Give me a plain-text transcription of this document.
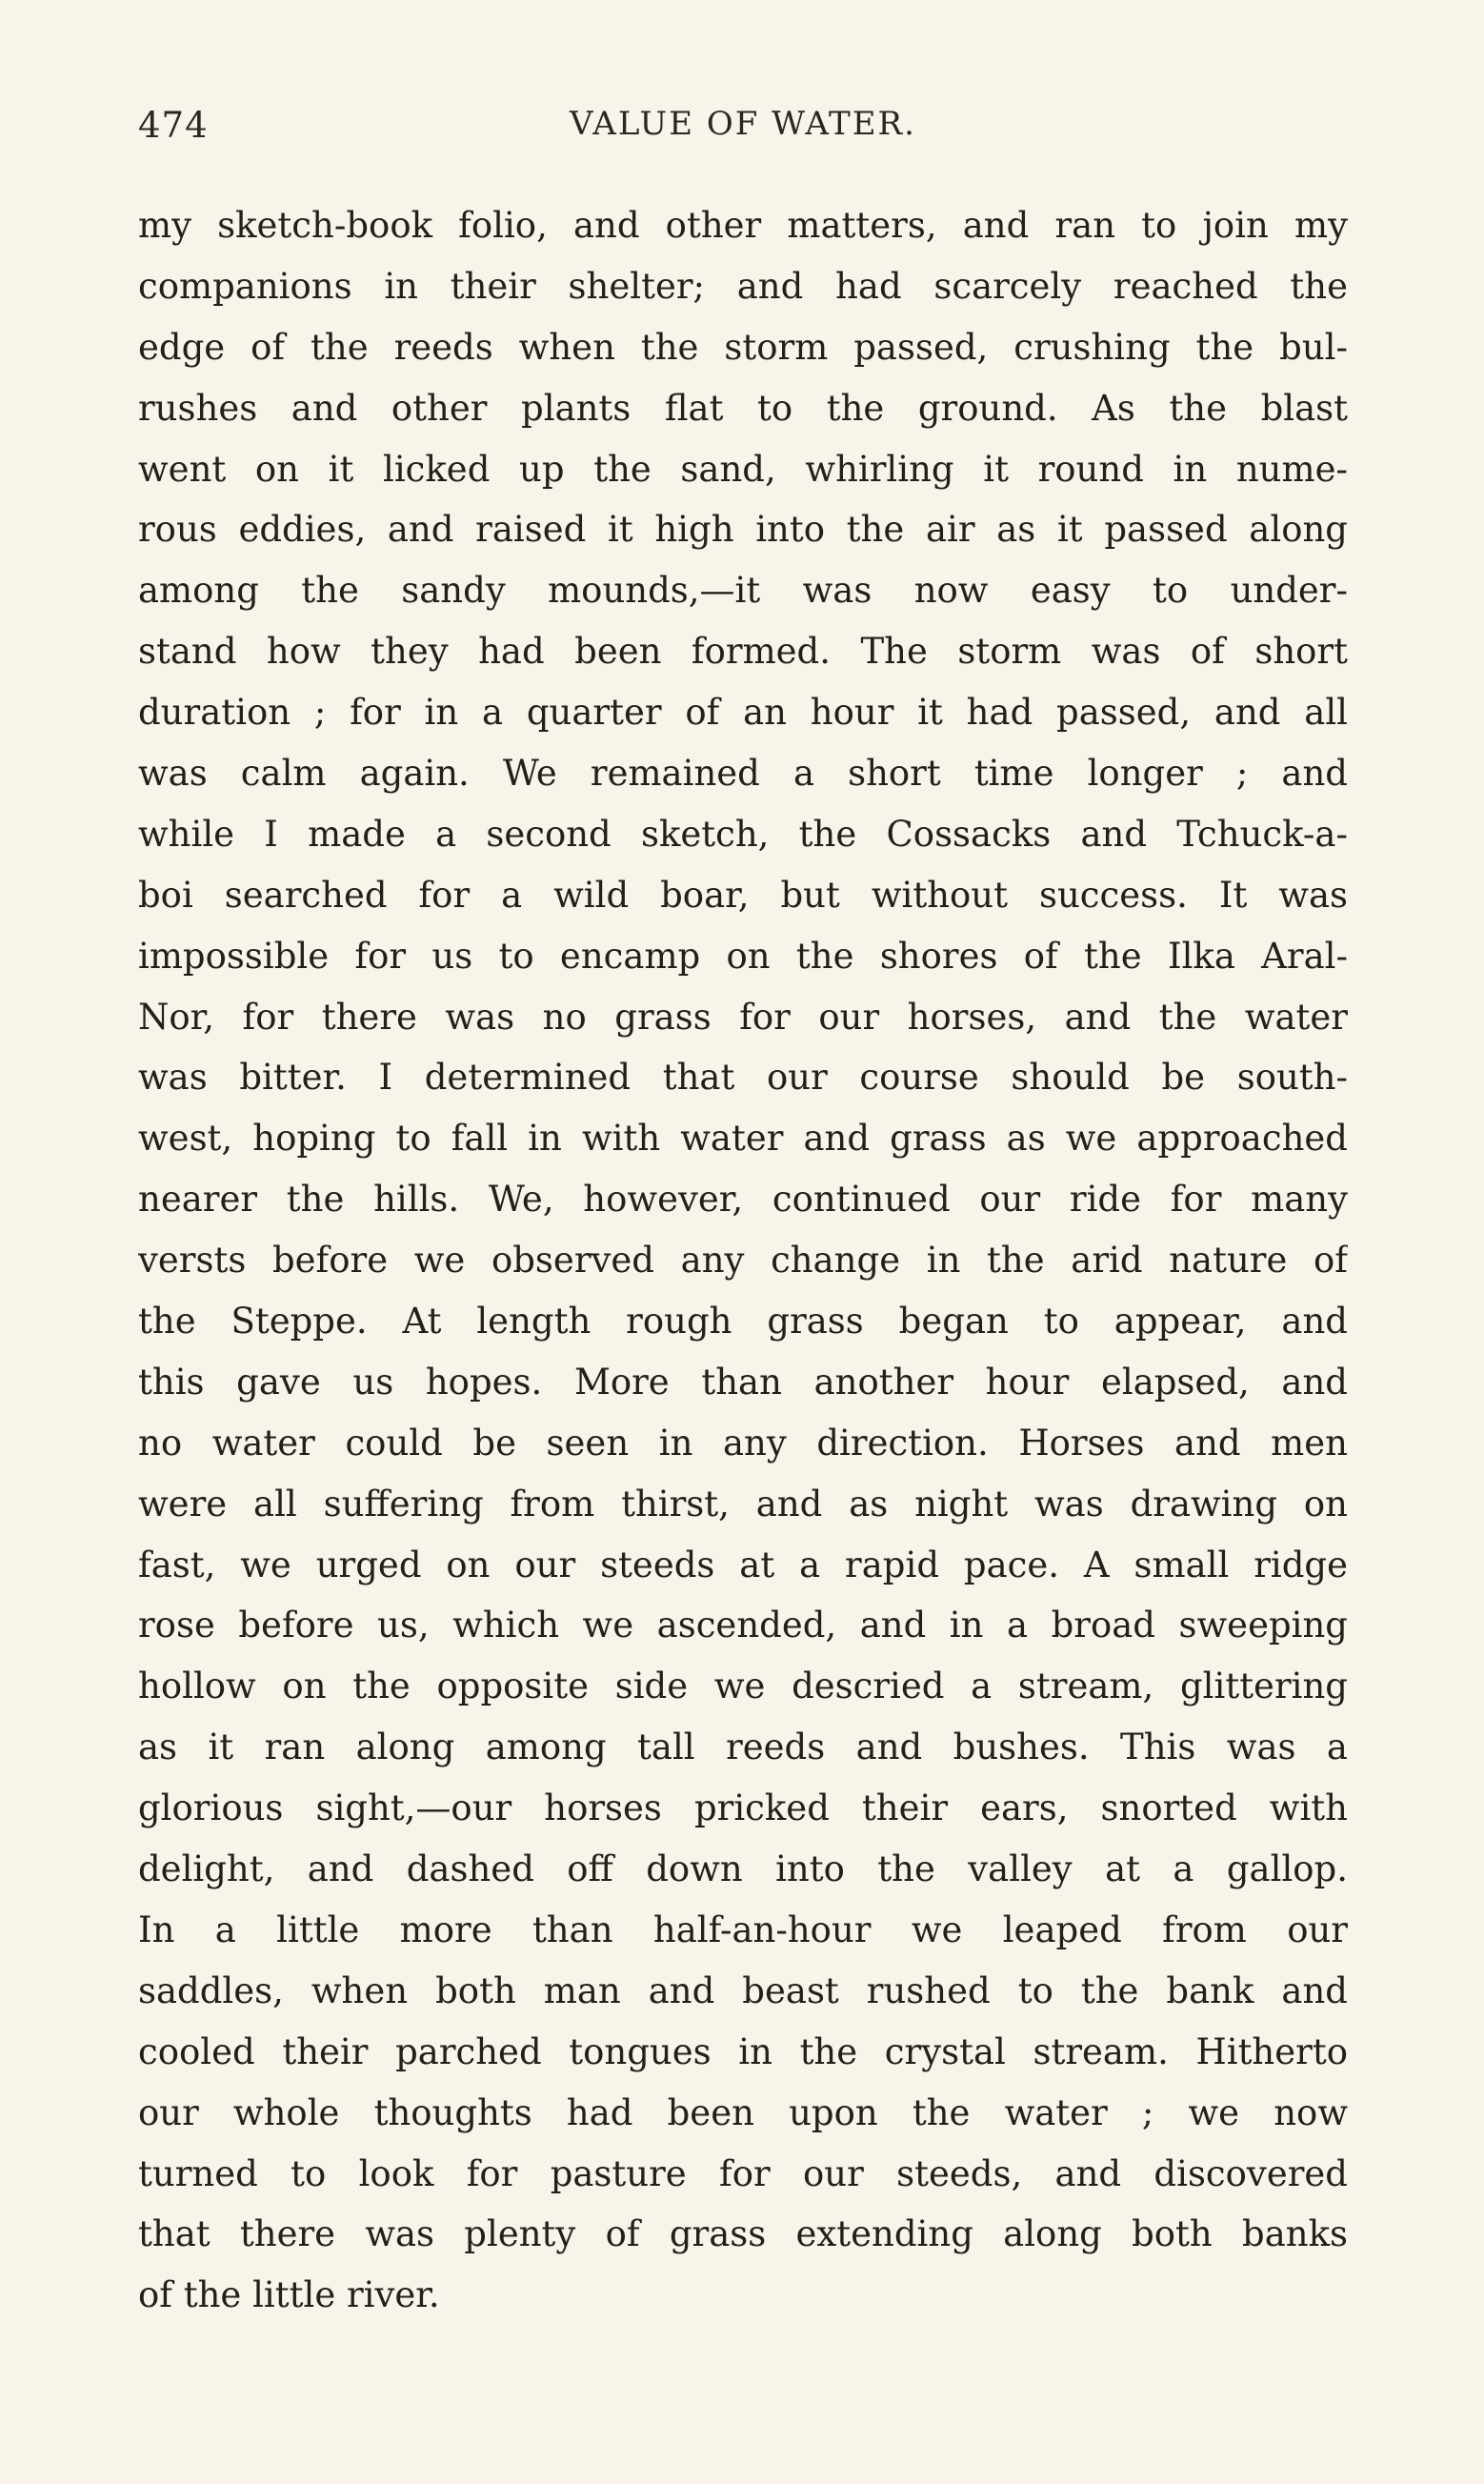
474	VALUE OF WATER.
my sketch-book folio, and other matters, and ran to join my
companions in their shelter; and had scarcely reached the
edge of the reeds when the storm passed, crushing the bul-
rushes and other plants flat to the ground. As the blast
went on it licked up the sand, whirling it round in nume-
rous eddies, and raised it high into the air as it passed along
among the sandy mounds,—it was now easy to under-
stand how they had been formed. The storm was of short
duration ; for in a quarter of an hour it had passed, and all
was calm again. We remained a short time longer ; and
while I made a second sketch, the Cossacks and Tchuck-a-
boi searched for a wild boar, but without success. It was
impossible for us to encamp on the shores of the Ilka Aral-
Nor, for there was no grass for our horses, and the water
was bitter. I determined that our course should be south-
west, hoping to fall in with water and grass as we approached
nearer the hills. We, however, continued our ride for many
versts before we observed any change in the arid nature of
the Steppe. At length rough grass began to appear, and
this gave us hopes. More than another hour elapsed, and
no water could be seen in any direction. Horses and men
were all suffering from thirst, and as night was drawing on
fast, we urged on our steeds at a rapid pace. A small ridge
rose before us, which we ascended, and in a broad sweeping
hollow on the opposite side we descried a stream, glittering
as it ran along among tall reeds and bushes. This was a
glorious sight,—our horses pricked their ears, snorted with
delight, and dashed off down into the valley at a gallop.
In a little more than half-an-hour we leaped from our
saddles, when both man and beast rushed to the bank and
cooled their parched tongues in the crystal stream. Hitherto
our whole thoughts had been upon the water ; we now
turned to look for pasture for our steeds, and discovered
that there was plenty of grass extending along both banks
of the little river.
